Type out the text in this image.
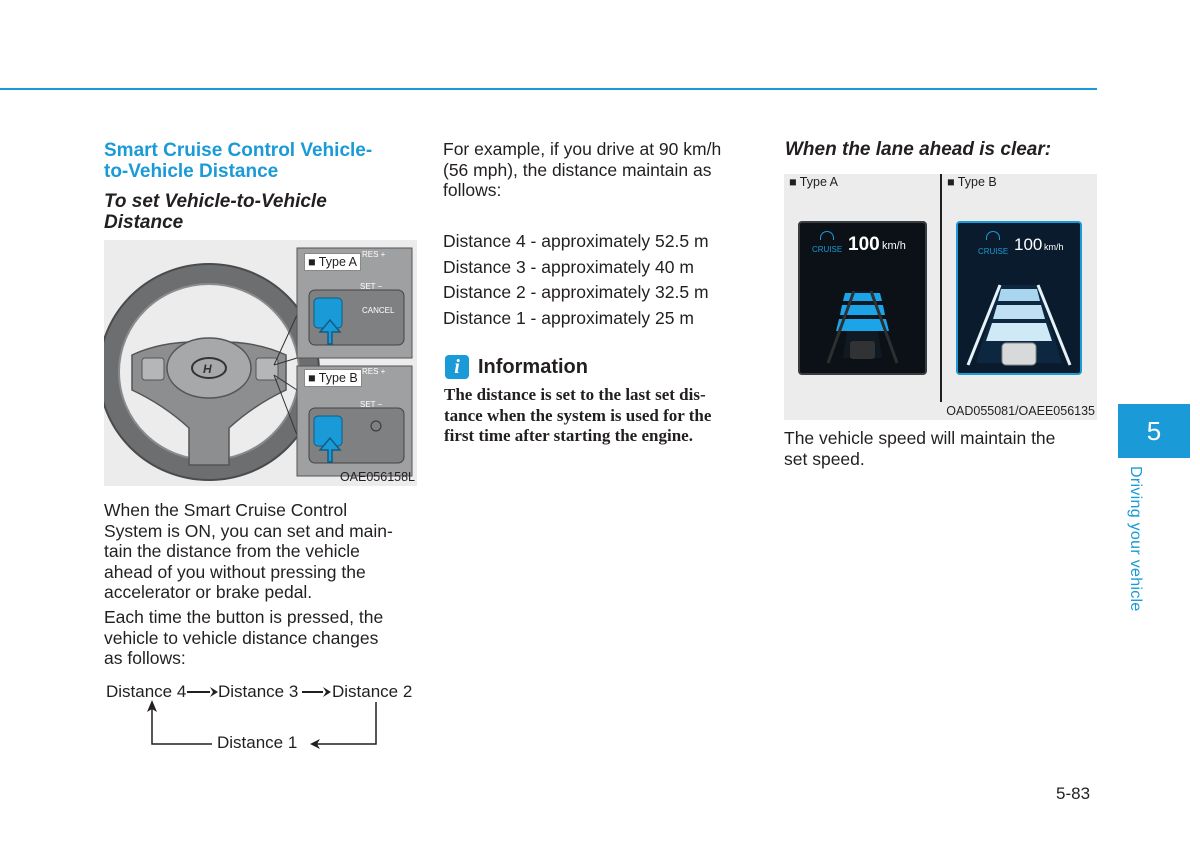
Smart Cruise Control Vehicle-
to-Vehicle Distance
To set Vehicle-to-Vehicle
Distance
H
■ Type A
RES +
SET −
CANCEL
■ Type B RES +
SET −
OAE056158L
When the Smart Cruise Control
System is ON, you can set and main-
tain the distance from the vehicle
ahead of you without pressing the
accelerator or brake pedal.
Each time the button is pressed, the
vehicle to vehicle distance changes
as follows:
Distance 4 Distance 3 Distance 2
Distance 1
For example, if you drive at 90 km/h
(56 mph), the distance maintain as
follows:
Distance 4 - approximately 52.5 m
Distance 3 - approximately 40 m
Distance 2 - approximately 32.5 m
Distance 1 - approximately 25 m
i Information
The distance is set to the last set dis-
tance when the system is used for the
first time after starting the engine.
When the lane ahead is clear:
■ Type A	■ Type B
CRUISE 100 km/h	CRUISE 100 km/h
OAD055081/OAEE056135
The vehicle speed will maintain the
set speed.
5
Driving your vehicle
5-83
